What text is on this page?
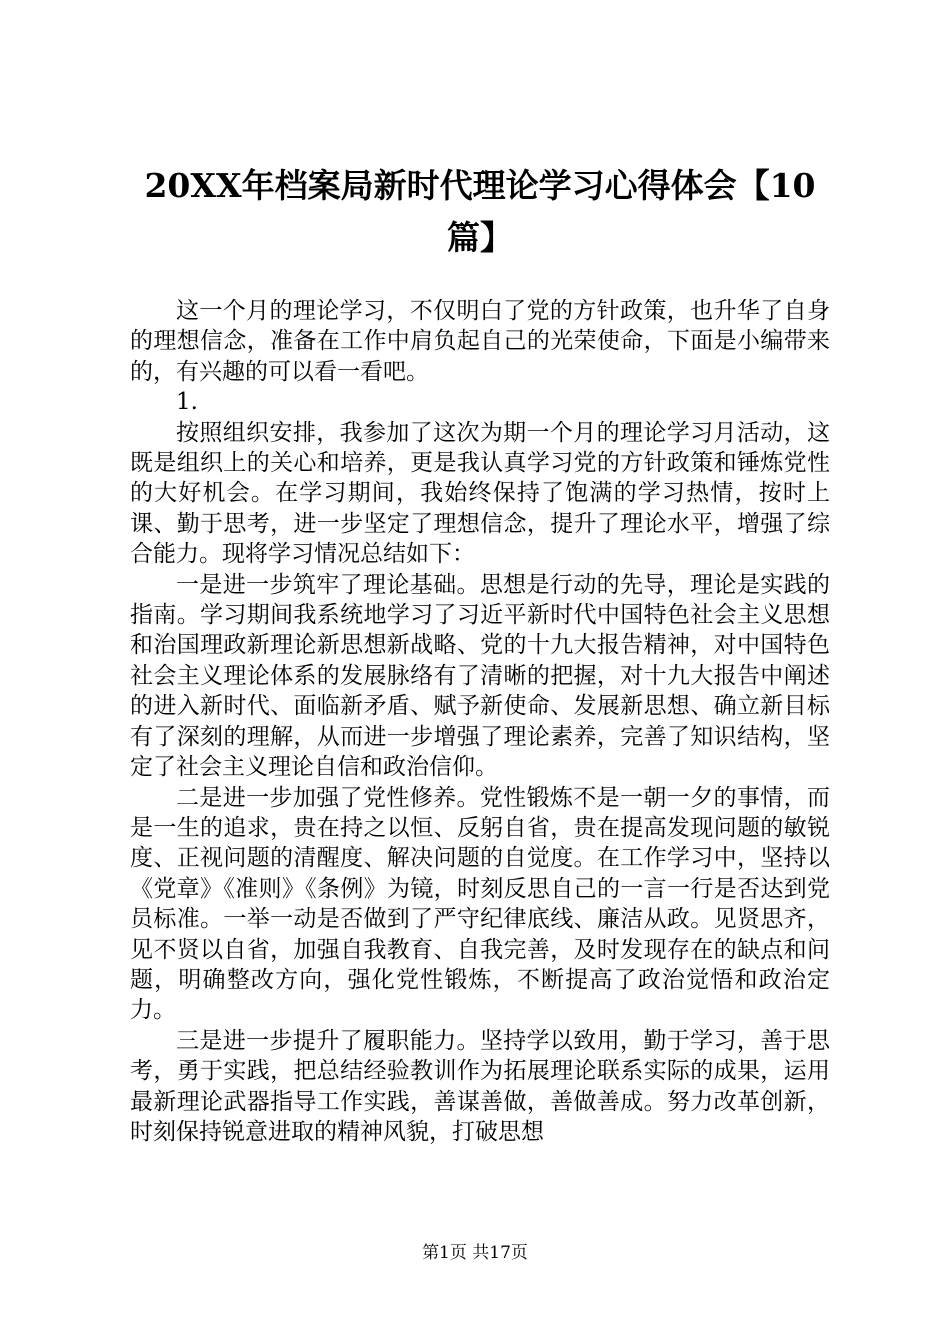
20XX年档案局新时代理论学习心得体会【10篇】

这一个月的理论学习，不仅明白了党的方针政策，也升华了自身的理想信念，准备在工作中肩负起自己的光荣使命，下面是小编带来的，有兴趣的可以看一看吧。

1.

按照组织安排，我参加了这次为期一个月的理论学习月活动，这既是组织上的关心和培养，更是我认真学习党的方针政策和锤炼党性的大好机会。在学习期间，我始终保持了饱满的学习热情，按时上课、勤于思考，进一步坚定了理想信念，提升了理论水平，增强了综合能力。现将学习情况总结如下：

一是进一步筑牢了理论基础。思想是行动的先导，理论是实践的指南。学习期间我系统地学习了习近平新时代中国特色社会主义思想和治国理政新理论新思想新战略、党的十九大报告精神，对中国特色社会主义理论体系的发展脉络有了清晰的把握，对十九大报告中阐述的进入新时代、面临新矛盾、赋予新使命、发展新思想、确立新目标有了深刻的理解，从而进一步增强了理论素养，完善了知识结构，坚定了社会主义理论自信和政治信仰。

二是进一步加强了党性修养。党性锻炼不是一朝一夕的事情，而是一生的追求，贵在持之以恒、反躬自省，贵在提高发现问题的敏锐度、正视问题的清醒度、解决问题的自觉度。在工作学习中，坚持以《党章》《准则》《条例》为镜，时刻反思自己的一言一行是否达到党员标准。一举一动是否做到了严守纪律底线、廉洁从政。见贤思齐，见不贤以自省，加强自我教育、自我完善，及时发现存在的缺点和问题，明确整改方向，强化党性锻炼，不断提高了政治觉悟和政治定力。

三是进一步提升了履职能力。坚持学以致用，勤于学习，善于思考，勇于实践，把总结经验教训作为拓展理论联系实际的成果，运用最新理论武器指导工作实践，善谋善做，善做善成。努力改革创新，时刻保持锐意进取的精神风貌，打破思想

第1页 共17页
